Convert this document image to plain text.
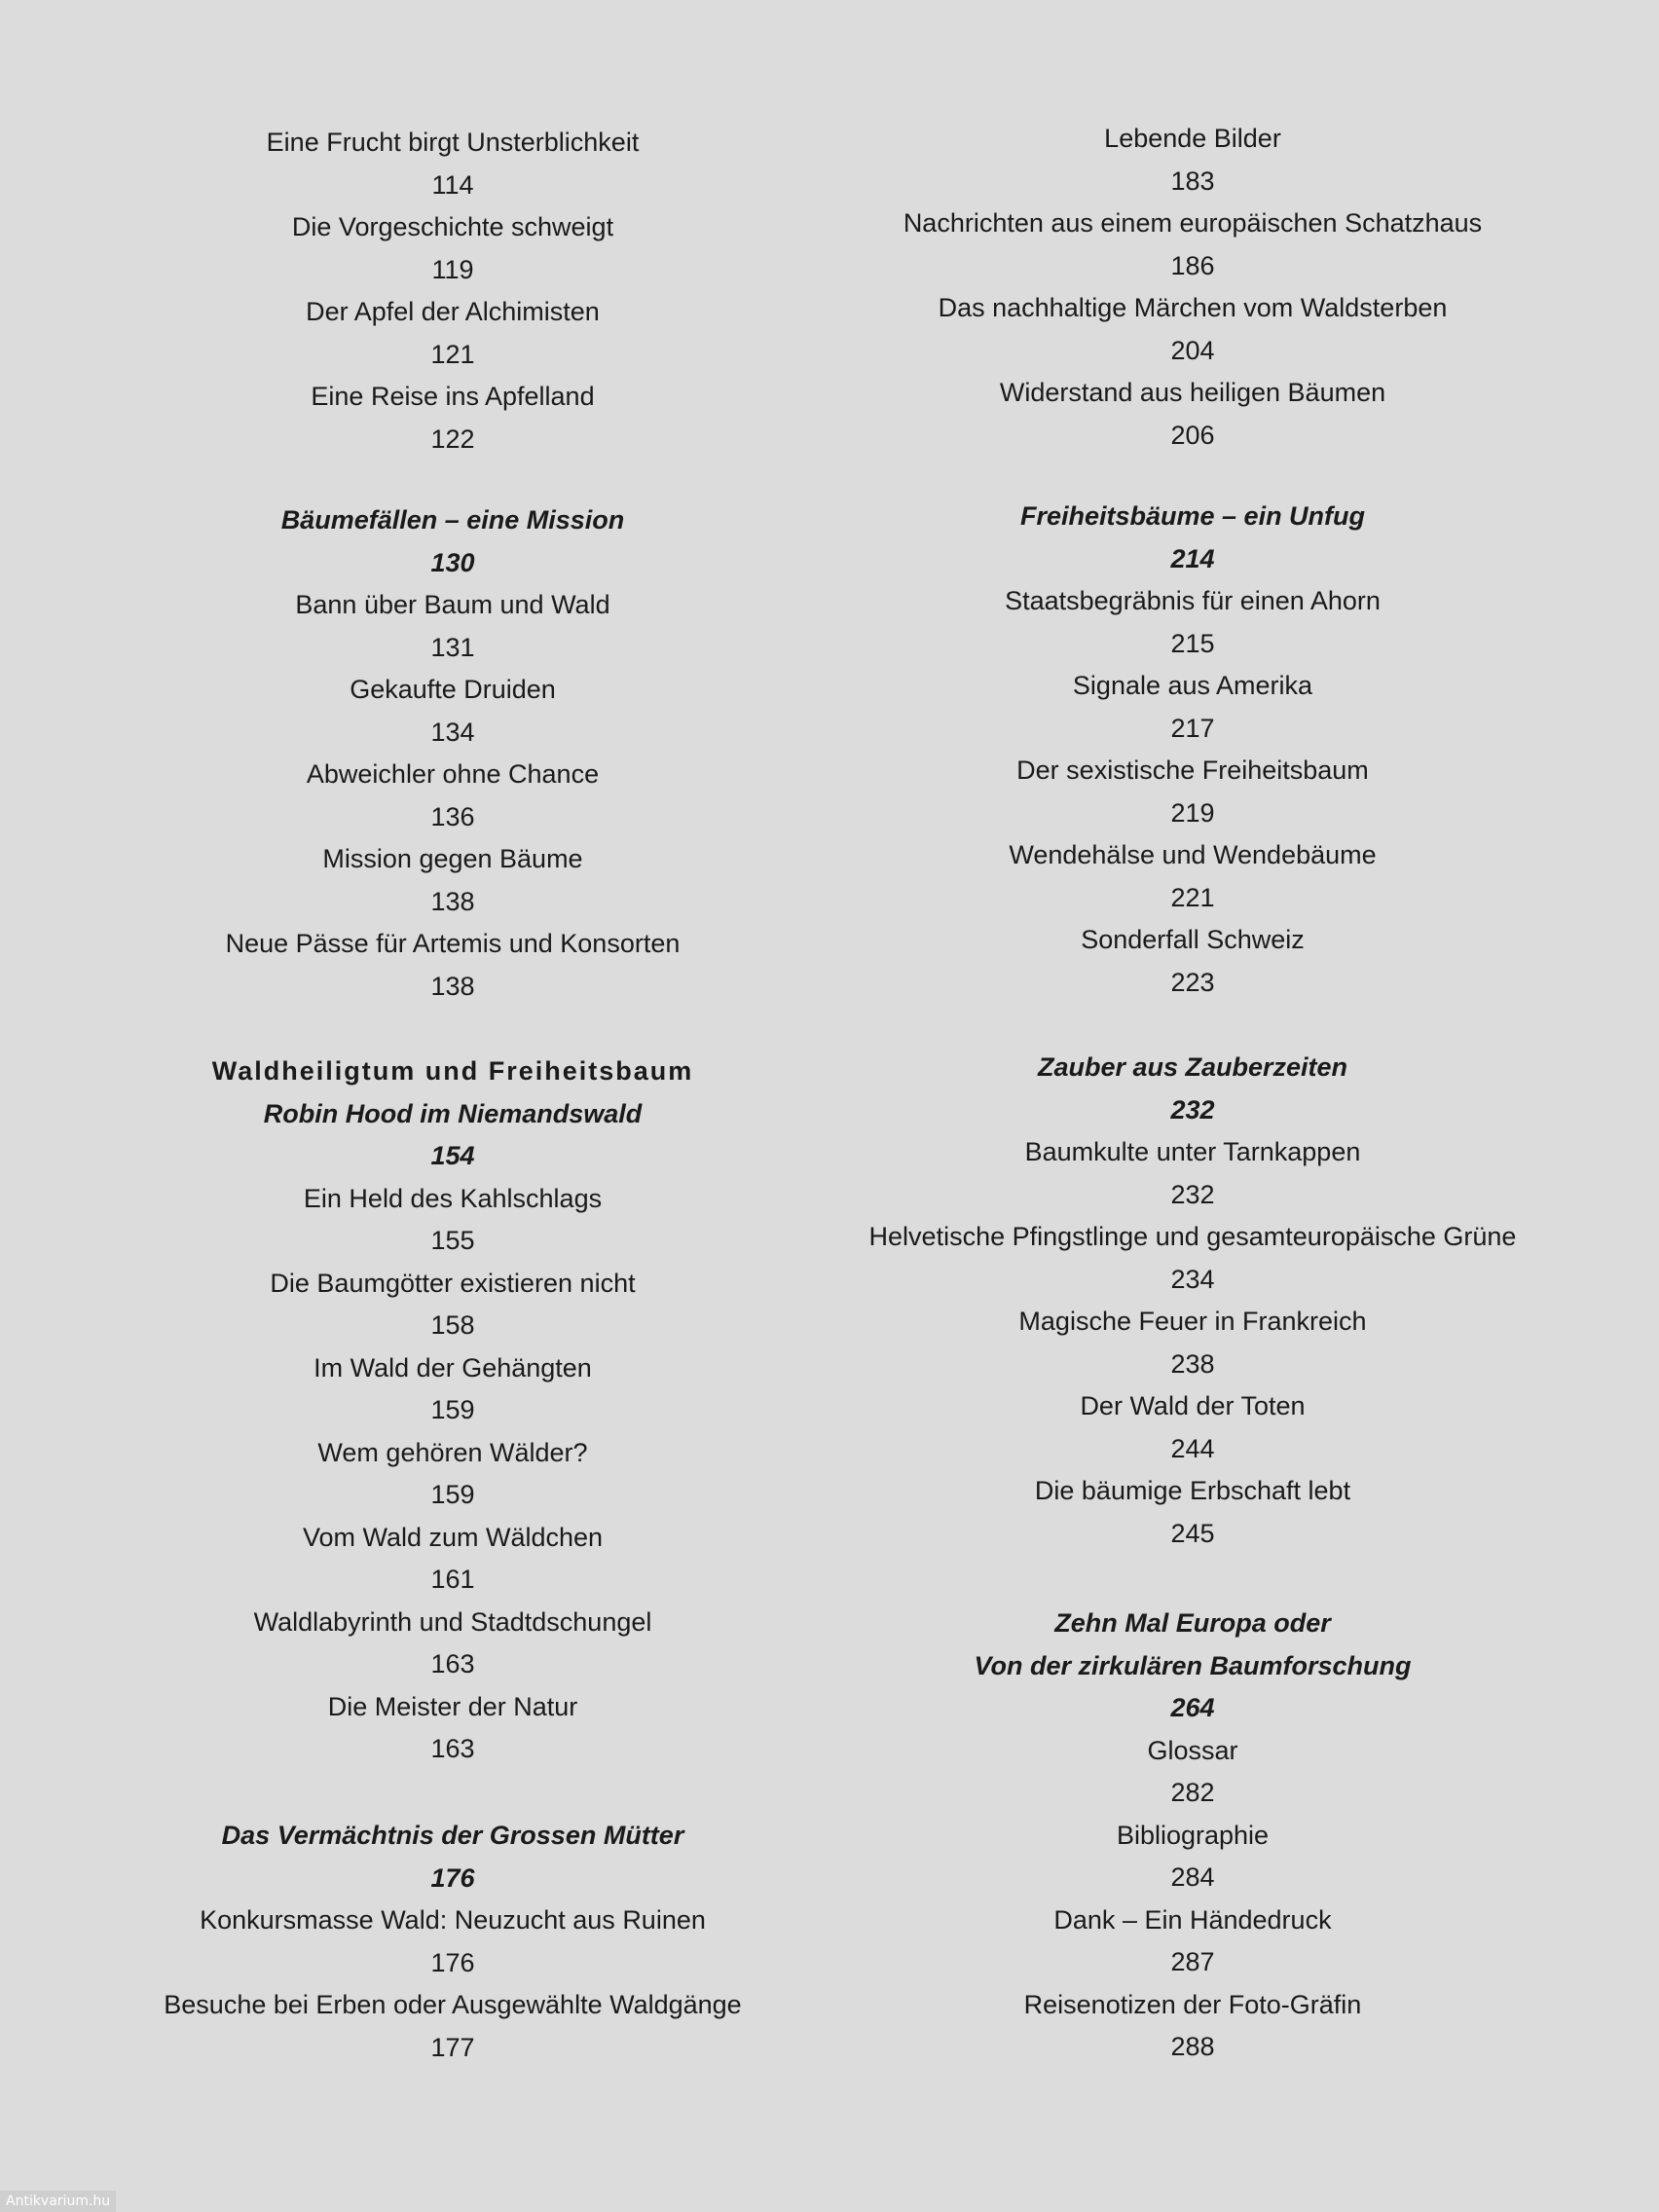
Eine Frucht birgt Unsterblichkeit
114
Die Vorgeschichte schweigt
119
Der Apfel der Alchimisten
121
Eine Reise ins Apfelland
122
Bäumefällen – eine Mission
130
Bann über Baum und Wald
131
Gekaufte Druiden
134
Abweichler ohne Chance
136
Mission gegen Bäume
138
Neue Pässe für Artemis und Konsorten
138
Waldheiligtum und Freiheitsbaum
Robin Hood im Niemandswald
154
Ein Held des Kahlschlags
155
Die Baumgötter existieren nicht
158
Im Wald der Gehängten
159
Wem gehören Wälder?
159
Vom Wald zum Wäldchen
161
Waldlabyrinth und Stadtdschungel
163
Die Meister der Natur
163
Das Vermächtnis der Grossen Mütter
176
Konkursmasse Wald: Neuzucht aus Ruinen
176
Besuche bei Erben oder Ausgewählte Waldgänge
177
Lebende Bilder
183
Nachrichten aus einem europäischen Schatzhaus
186
Das nachhaltige Märchen vom Waldsterben
204
Widerstand aus heiligen Bäumen
206
Freiheitsbäume – ein Unfug
214
Staatsbegräbnis für einen Ahorn
215
Signale aus Amerika
217
Der sexistische Freiheitsbaum
219
Wendehälse und Wendebäume
221
Sonderfall Schweiz
223
Zauber aus Zauberzeiten
232
Baumkulte unter Tarnkappen
232
Helvetische Pfingstlinge und gesamteuropäische Grüne
234
Magische Feuer in Frankreich
238
Der Wald der Toten
244
Die bäumige Erbschaft lebt
245
Zehn Mal Europa oder
Von der zirkulären Baumforschung
264
Glossar
282
Bibliographie
284
Dank – Ein Händedruck
287
Reisenotizen der Foto-Gräfin
288
Antikvarium.hu
